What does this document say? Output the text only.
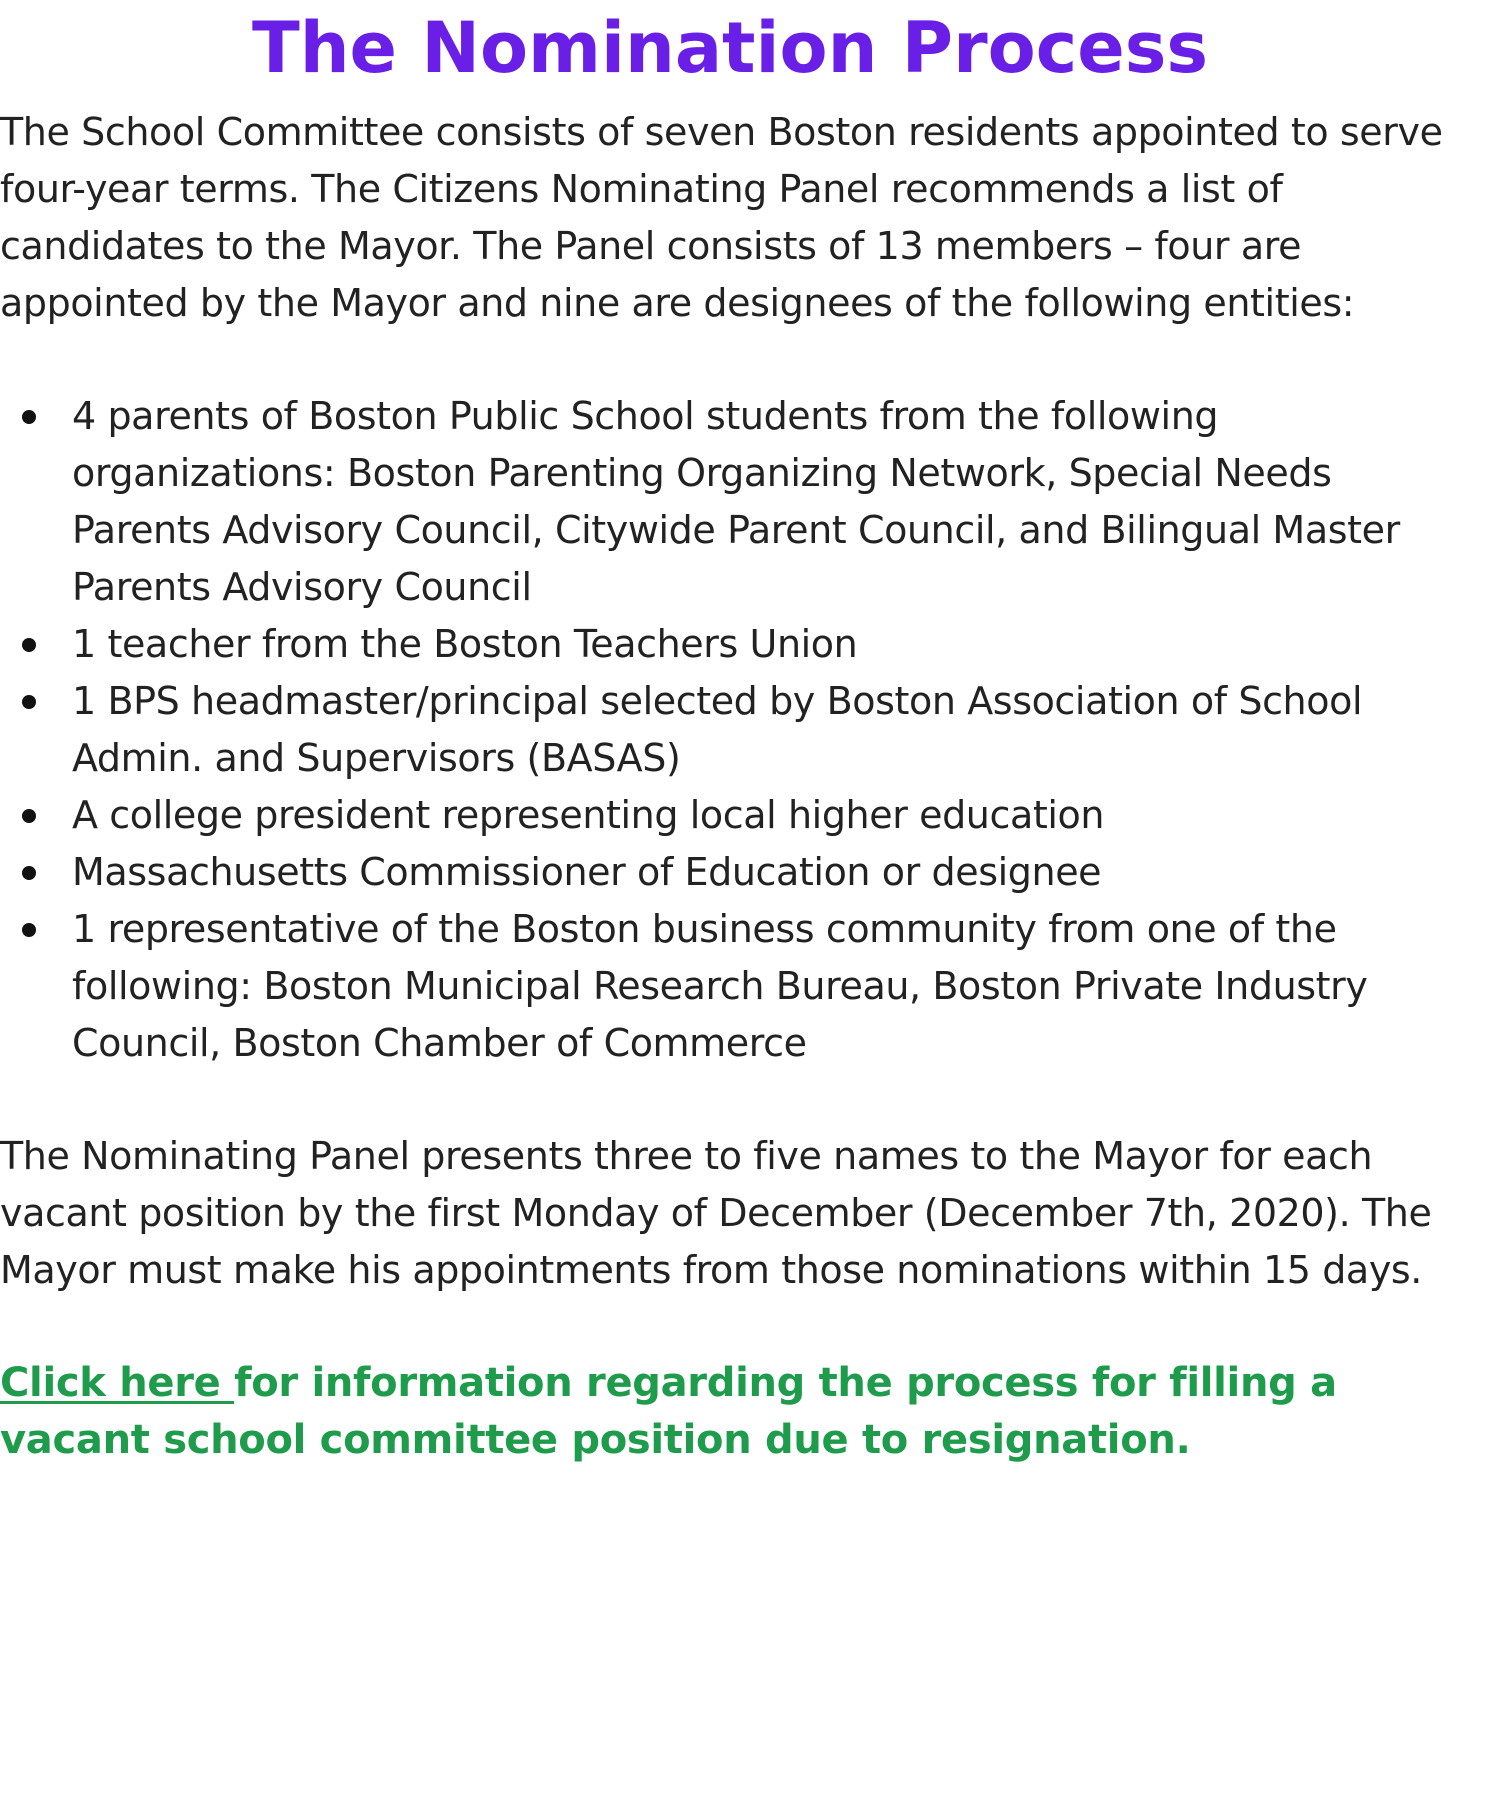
The Nomination Process

The School Committee consists of seven Boston residents appointed to serve four-year terms. The Citizens Nominating Panel recommends a list of candidates to the Mayor. The Panel consists of 13 members – four are appointed by the Mayor and nine are designees of the following entities:

4 parents of Boston Public School students from the following organizations: Boston Parenting Organizing Network, Special Needs Parents Advisory Council, Citywide Parent Council, and Bilingual Master Parents Advisory Council
1 teacher from the Boston Teachers Union
1 BPS headmaster/principal selected by Boston Association of School Admin. and Supervisors (BASAS)
A college president representing local higher education
Massachusetts Commissioner of Education or designee
1 representative of the Boston business community from one of the following: Boston Municipal Research Bureau, Boston Private Industry Council, Boston Chamber of Commerce

The Nominating Panel presents three to five names to the Mayor for each vacant position by the first Monday of December (December 7th, 2020). The Mayor must make his appointments from those nominations within 15 days.

Click here for information regarding the process for filling a vacant school committee position due to resignation.
